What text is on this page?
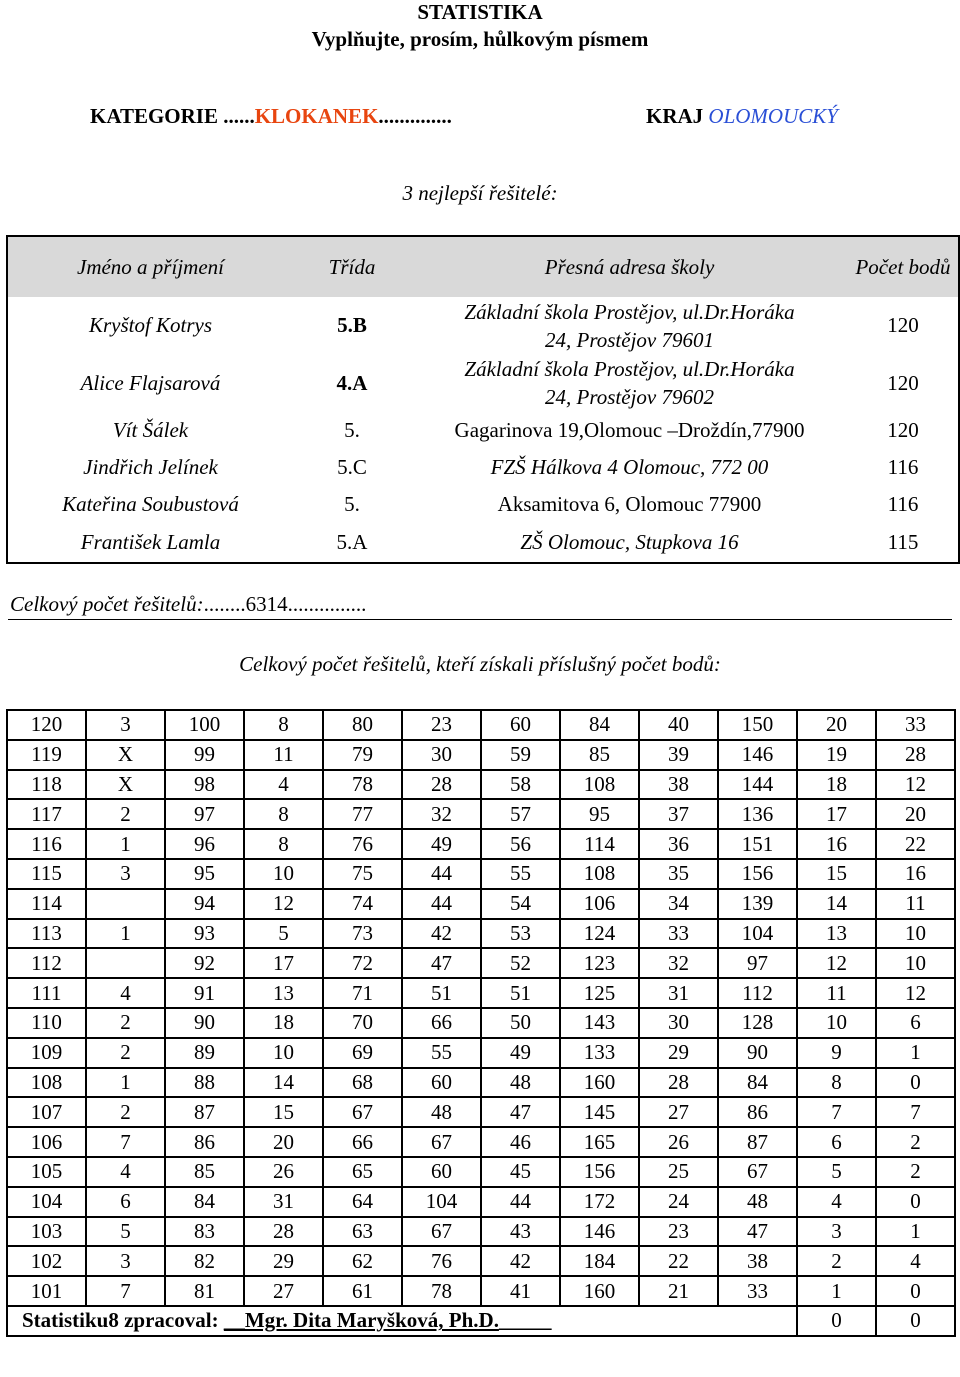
STATISTIKA
Vyplňujte, prosím, hůlkovým písmem
KATEGORIE ......KLOKANEK..............	KRAJ OLOMOUCKÝ
3 nejlepší řešitelé:
Jméno a příjmení	Třída	Přesná adresa školy	Počet bodů
Kryštof Kotrys	5.B	Základní škola Prostějov, ul.Dr.Horáka
24, Prostějov 79601	120
Alice Flajsarová	4.A	Základní škola Prostějov, ul.Dr.Horáka
24, Prostějov 79602	120
Vít Šálek	5.	Gagarinova 19,Olomouc –Droždín,77900	120
Jindřich Jelínek	5.C	FZŠ Hálkova 4 Olomouc, 772 00	116
Kateřina Soubustová	5.	Aksamitova 6, Olomouc 77900	116
František Lamla	5.A	ZŠ Olomouc, Stupkova 16	115
Celkový počet řešitelů:........6314...............
Celkový počet řešitelů, kteří získali příslušný počet bodů:
120	3	100	8	80	23	60	84	40	150	20	33
119	X	99	11	79	30	59	85	39	146	19	28
118	X	98	4	78	28	58	108	38	144	18	12
117	2	97	8	77	32	57	95	37	136	17	20
116	1	96	8	76	49	56	114	36	151	16	22
115	3	95	10	75	44	55	108	35	156	15	16
114		94	12	74	44	54	106	34	139	14	11
113	1	93	5	73	42	53	124	33	104	13	10
112		92	17	72	47	52	123	32	97	12	10
111	4	91	13	71	51	51	125	31	112	11	12
110	2	90	18	70	66	50	143	30	128	10	6
109	2	89	10	69	55	49	133	29	90	9	1
108	1	88	14	68	60	48	160	28	84	8	0
107	2	87	15	67	48	47	145	27	86	7	7
106	7	86	20	66	67	46	165	26	87	6	2
105	4	85	26	65	60	45	156	25	67	5	2
104	6	84	31	64	104	44	172	24	48	4	0
103	5	83	28	63	67	43	146	23	47	3	1
102	3	82	29	62	76	42	184	22	38	2	4
101	7	81	27	61	78	41	160	21	33	1	0
Statistiku8 zpracoval: __Mgr. Dita Maryšková, Ph.D._____										0	0
